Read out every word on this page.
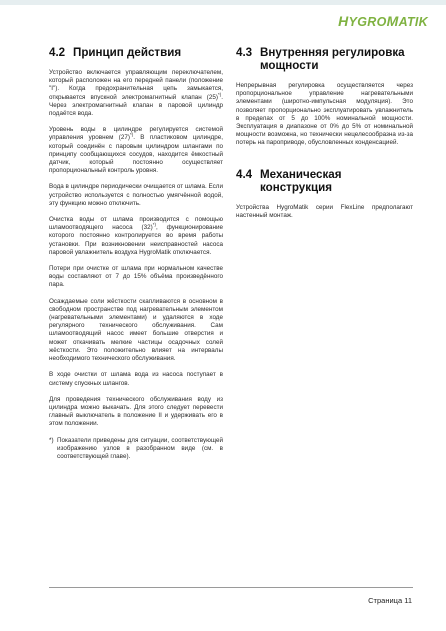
HYGROMATIK
4.2 Принцип действия

Устройство включается управляющим переключателем, который расположен на его передней панели (положение "I"). Когда предохранительная цепь замыкается, открывается впускной электромагнитный клапан (25)*). Через электромагнитный клапан в паровой цилиндр подаётся вода.

Уровень воды в цилиндре регулируется системой управления уровнем (27)*). В пластиковом цилиндре, который соединён с паровым цилиндром шлангами по принципу сообщающихся сосудов, находится ёмкостный датчик, который постоянно осуществляет пропорциональный контроль уровня.

Вода в цилиндре периодически очищается от шлама. Если устройство используется с полностью умягчённой водой, эту функцию можно отключить.

Очистка воды от шлама производится с помощью шламоотводящего насоса (32)*), функционирование которого постоянно контролируется во время работы установки. При возникновении неисправностей насоса паровой увлажнитель воздуха HygroMatik отключается.

Потери при очистке от шлама при нормальном качестве воды составляют от 7 до 15% объёма произведённого пара.

Осаждаемые соли жёсткости скапливаются в основном в свободном пространстве под нагревательным элементом (нагревательными элементами) и удаляются в ходе регулярного технического обслуживания. Сам шламоотводящий насос имеет большие отверстия и может откачивать мелкие частицы осадочных солей жёсткости. Это положительно влияет на интервалы необходимого технического обслуживания.

В ходе очистки от шлама вода из насоса поступает в систему спускных шлангов.

Для проведения технического обслуживания воду из цилиндра можно выкачать. Для этого следует перевести главный выключатель в положение II и удерживать его в этом положении.

*) Показатели приведены для ситуации, соответствующей изображению узлов в разобранном виде (см. в соответствующей главе).

4.3 Внутренняя регулировка мощности

Непрерывная регулировка осуществляется через пропорциональное управление нагревательными элементами (широтно-импульсная модуляция). Это позволяет пропорционально эксплуатировать увлажнитель в пределах от 5 до 100% номинальной мощности. Эксплуатация в диапазоне от 0% до 5% от номинальной мощности возможна, но технически нецелесообразна из-за потерь на пароприводе, обусловленных конденсацией.

4.4 Механическая конструкция

Устройства HygroMatik серии FlexLine предполагают настенный монтаж.

Страница 11
